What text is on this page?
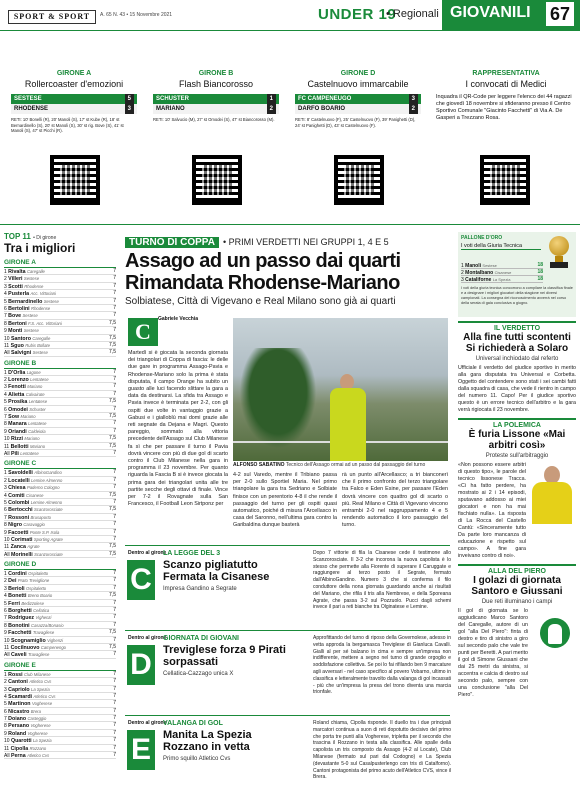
SPORT & SPORT	A. 65 N. 43 • 15 Novembre 2021	UNDER 19
• Regionali GIOVANILI 67
GIRONE A
Rollercoaster d'emozioni
SESTESE	5
RHODENSE	3
RETI: 10' Bonelli (R), 20' Manoli (S), 17' st Kube (R), 18' st Bernardinello (S), 20' st Manoli (S), 30' st rig. Bove (S), 41' st Manoli (S), 47' st Picchi (R).
GIRONE B
Flash Biancorosso
SCHUSTER	1
MARIANO	2
RETI: 10' Salvucio (M), 27' st Omodei (S), 47' st Biancorosso (M).
GIRONE D
Castelnuovo immarcabile
FC CAMPENEUGO	3
DARFO BOARIO	2
RETI: 8' Castelnuovo (F), 25' Castelnuovo (F), 39' Panighetti (D), 24' st Panighetti (D), 43' st Castelnuovo (F).
RAPPRESENTATIVA
I convocati di Medici
Inquadra il QR-Code per leggere l'elenco dei 44 ragazzi che giovedì 18 novembre si sfideranno presso il Centro Sportivo Comunale "Giacinto Facchetti" di Via A. De Gasperi a Trezzano Rosa.
TOP 11 • Di girone
Tra i migliori
GIRONE A
1 Rivalta Caregalle	7
2 Villeri Sestese	7
3 Scotti Rhodense	7
4 Pusterla Acc. Vittoriani	7
5 Bernardinello Sestese	7
6 Bertolini Rhodense	7
7 Bove Sestese	7
8 Bertoni F.S. Acc. Vittoriani	7,5
9 Monti Sestese	7
10 Santoro Caregalle	7,5
11 Sguo Rubis Bollate	7,5
All Salvigni Sestese	7,5
GIRONE B
1 D'Orlia Lagone	7
2 Lorenzo Lentatese	7
3 Fenotti Mariano	7
4 Alietta Calvairate	7
5 Prosika Lentatese	7,5
6 Omodei Schuster	7
7 Sow Mariano	7,5
8 Manara Lentatese	7
9 Oriandi Caldeiola	7
10 Rizzi Mariano	7,5
11 Bellotti Mariano	7,5
All Pili Lentatese	7
GIRONE C
1 Savoldelli AlbinoGandino	7
2 Locatelli Lemine Almenno	7
3 Chiesa Paderno Cologno	7
4 Comiti Cisanese	7,5
5 Colombi Lemine Almenno	7
6 Bertocchi Scanzorosciate	7,5
7 Rossoni Brusaporto	7
8 Nigro Caravaggio	7
9 Facoetti Ponte S.P. Isola	7
10 Corimati Sporting Agrate	7
11 Zanca Agrate	7,5
All Morinelli Scanzorosciate	7,5
GIRONE D
1 Cordini Ospitaletto	7
2 Dei Prato Treviglione	7
3 Berioli Ospitaletto	7
4 Bonetti Breno Boario	7,5
5 Ferri Bedizzolese	7
6 Borghetti Cellatica	7
7 Rodriguez Vighenzi	7
8 Bonotini Casazza/Bonasio	7
9 Facchetti Travagliese	7,5
10 Scognamiglio Vighenzi	7
11 Cocilnuovo Campenengo	7,5
All Caveli Travagliese	7
GIRONE E
1 Rossi Club Milanese	7
2 Cantoni Atletico Cvs	7
3 Capriolo La Spezia	7
4 Scamardi Atletico Cvs	7
5 Martinon Vogherese	7
6 Nicastro Brera	7
7 Doiano Casteggio	7
8 Persano Vogherese	7
9 Roland Vogherese	7
10 Quarotti La Spezia	7
11 Cipolla Rozzano	7
All Perna Atletico Cvs	7
TURNO DI COPPA • PRIMI VERDETTI NEI GRUPPI 1, 4 E 5
Assago ad un passo dai quarti Rimandata Rhodense-Mariano
Solbiatese, Città di Vigevano e Real Milano sono già ai quarti
Gabriele Vecchia
C
Martedì si è giocata la seconda giornata dei triangolari di Coppa di fascia: le delle due gare in programma Assago-Pavia e Rhodense-Mariano solo la prima è stata disputata, il campo Orange ha subito un guasto alle luci facendo slittare la gara a data da destinarsi. La sfida tra Assago e Pavia invece è terminata per 2-2, con gli ospiti due volte in vantaggio grazie a Gabusi e i gialloblù mai domi grazie alle reti segnate da Dejana e Magri. Questo pareggio, sommato alla vittoria precedente dell'Assago sul Club Milanese fa sì che per passare il turno il Pavia dovrà vincere con più di due gol di scarto contro il Club Milanese nella gara in programma il 23 novembre. Per quanto riguarda la Fascia B si è invece giocata la prima gara dei triangolari unita alle tre partite secche degli ottavi di finale. Vince per 7-2 il Rovagnate sulla San Francesco, il Football Leon Sirtponz per
ALFONSO SABATINO Tecnico dell'Assago ormai ad un passo dal passaggio del turno
4-2 sul Varedo, mentre il Tribiano passa per 2-0 sullo Sportiel Maria. Nel primo triangolare la gara tra Sedriano e Solbiate finisce con un perentorio 4-8 il che rende il passaggio del turno per gli ospiti quasi automatico, poiché di misura l'Arcellasco in casa del Saronno, nell'ultima gara contro la Garibaldina dunque basterà
rà un punto all'Arcellasco; a tri bianconerì che il primo confronto del terzo triangolare tra Falco e Eden Esine, per passare l'Eden dovrà vincere con quattro gol di scarto o più. Real Milano e Città di Vigevano vincono entrambi 2-0 nel raggruppamento 4 e 5 rendendo automatico il loro passaggio del turno.
Dentro al girone
C
LA LEGGE DEL 3
Scanzo pigliatutto Fermata la Cisanese
Impresa Gandino a Segrate
Dopo 7 vittorie di fila la Cisanese cede il testimone allo Scanzorosciate. Il 3-2 che incorona la nuova capolista è lo stesso che permette alla Fiorente di superare il Caruggate e raggiungere al terzo posto il Segrate, fermato dall'AlbinoGandino. Numero 3 che si conferma il filo conduttore della nona giornata guardando anche ai risultati del Mariano, che rifila il tris alla Nembrese, e della Sporeana Agrate, che passa 3-2 sul Pozzuolo. Pucci dagli schemi invece il pari a reti bianche tra Olginatese e Lemine.
Dentro al girone
D
GIORNATA DI GIOVANI
Treviglese forza 9 Pirati sorpassati
Cellatica-Cazzago unica X
Approfittando del turno di riposo della Governolese, adesso in vetta approda la bergamasca Treviglese di Gianluca Cavalli. Gialli al per sé balzano in cima e sempre un'impresa non indifferente, mettere a segno nel turno di grande orgoglio e soddisfazione collettiva. Se poi lo fai rifilando ben 9 marcature agli avversari - nel caso specifico al povero Vobarno, ultimo in classifica e letteralmente travolto dalla valanga di gol incassati - più che un'impresa la presa del trono diventa una marcia trionfale.
Dentro al girone
E
VALANGA DI GOL
Manita La Spezia Rozzano in vetta
Primo squillo Atletico Cvs
Roland chiama, Cipolla risponde. Il duello tra i due principali marcatori continua a suon di reti dopotutto decisivo del primo che porta tre punti alla Vogherese, tripletta per il secondo che trascina il Rozzano in testa alla classifica. Alle spalle della capolista un tris composto da Assago (4-2 al Locate), Club Milanese (fermato sul pari dal Codogno) e La Spezia (devastante 5-0 sul Casalpusterlengo con tris di Catalforno). Cantoni protagonista del primo acuto dell'Atletico CVS, vince il Brera.
PALLONE D'ORO
I voti della Giuria Tecnica
1 Manoli Sestese	18
2 Montalbano Cisanese	18
3 Cataliforne La Spezia	18
I voti della giuria tecnica concorrono a compilare la classifica finale e a designare i migliori giocatori della stagione nei diversi campionati. La consegna del riconoscimento avverrà nel corso della serata di gala conclusiva a giugno.
IL VERDETTO
Alla fine tutti scontenti Si richiederà a Solaro
Universal inchiodato dal referto
Ufficiale il verdetto del giudice sportivo in merito alla gara disputata tra Universal e Corbetta. Oggetto del contendere sono stati i sei cambi fatti dalla squadra di casa, che vede il rientro in campo del numero 11. Capo! Per il giudice sportivo questo è un errore tecnico dell'arbitro e la gara verrà rigiocata il 23 novembre.
LA POLEMICA
È furia Lissone «Mai arbitri così»
Proteste sull'arbitraggio
«Non possono essere arbitri di questo tipo», le parole del tecnico lissonese Tracca. «Ci ha fatto perdere, ha mostrato ai 2 i 14 episodi, sputavano addosso ai miei giocatori e non ha mai fischiato nulla». La risposta di La Rocca del Castello Cantù: «Sinceramente tutto Da parte loro mancanza di educazione e rispetto sul campo». A fine gara inveivano contro di noi».
ALLA DEL PIERO
I golazi di giornata Santoro e Giussani
Due reti illuminano i campi
Il gol di giornata se lo aggiudicano Marco Santoro del Caregalle, autore di un gol "alla Del Piero": finta di destro e tiro di sinistro a giro sul secondo palo che vale tre punti per Beretti. A pari merito il gol di Simone Giussani che dai 25 metri da sinistra, si accentra e calcia di destro sul secondo palo, sempre con una conclusione "alla Del Piero".
